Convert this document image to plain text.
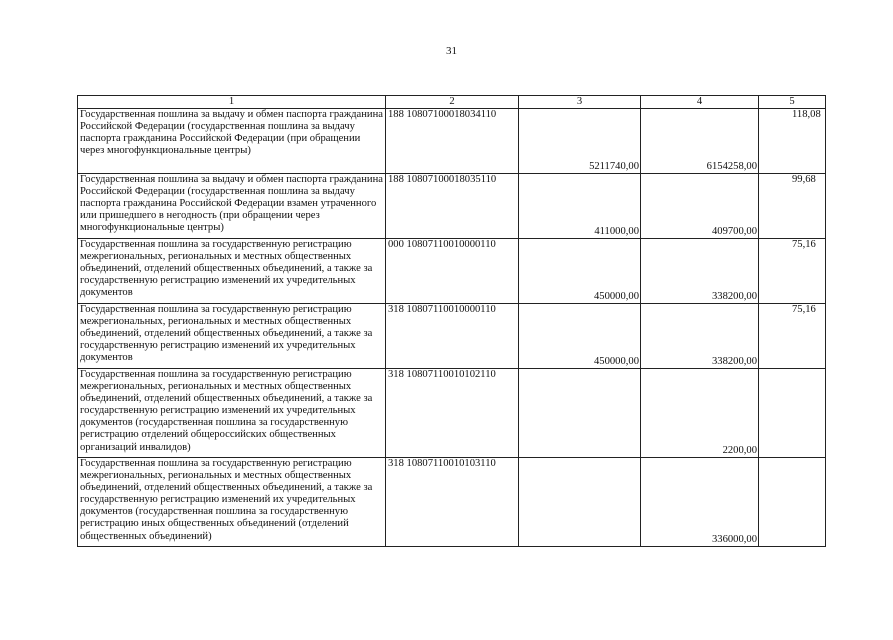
31
1	2	3	4	5
Государственная пошлина за выдачу и обмен паспорта гражданина Российской Федерации (государственная пошлина за выдачу паспорта гражданина Российской Федерации (при обращении через многофункциональные центры)	188 10807100018034110	5211740,00	6154258,00	118,08
Государственная пошлина за выдачу и обмен паспорта гражданина Российской Федерации (государственная пошлина за выдачу паспорта гражданина Российской Федерации взамен утраченного или пришедшего в негодность (при обращении через многофункциональные центры)	188 10807100018035110	411000,00	409700,00	99,68
Государственная пошлина за государственную регистрацию межрегиональных, региональных и местных общественных объединений, отделений общественных объединений, а также за государственную регистрацию изменений их учредительных документов	000 10807110010000110	450000,00	338200,00	75,16
Государственная пошлина за государственную регистрацию межрегиональных, региональных и местных общественных объединений, отделений общественных объединений, а также за государственную регистрацию изменений их учредительных документов	318 10807110010000110	450000,00	338200,00	75,16
Государственная пошлина за государственную регистрацию межрегиональных, региональных и местных общественных объединений, отделений общественных объединений, а также за государственную регистрацию изменений их учредительных документов (государственная пошлина за государственную регистрацию отделений общероссийских общественных организаций инвалидов)	318 10807110010102110		2200,00	
Государственная пошлина за государственную регистрацию межрегиональных, региональных и местных общественных объединений, отделений общественных объединений, а также за государственную регистрацию изменений их учредительных документов (государственная пошлина за государственную регистрацию иных общественных объединений (отделений общественных объединений)	318 10807110010103110		336000,00	
